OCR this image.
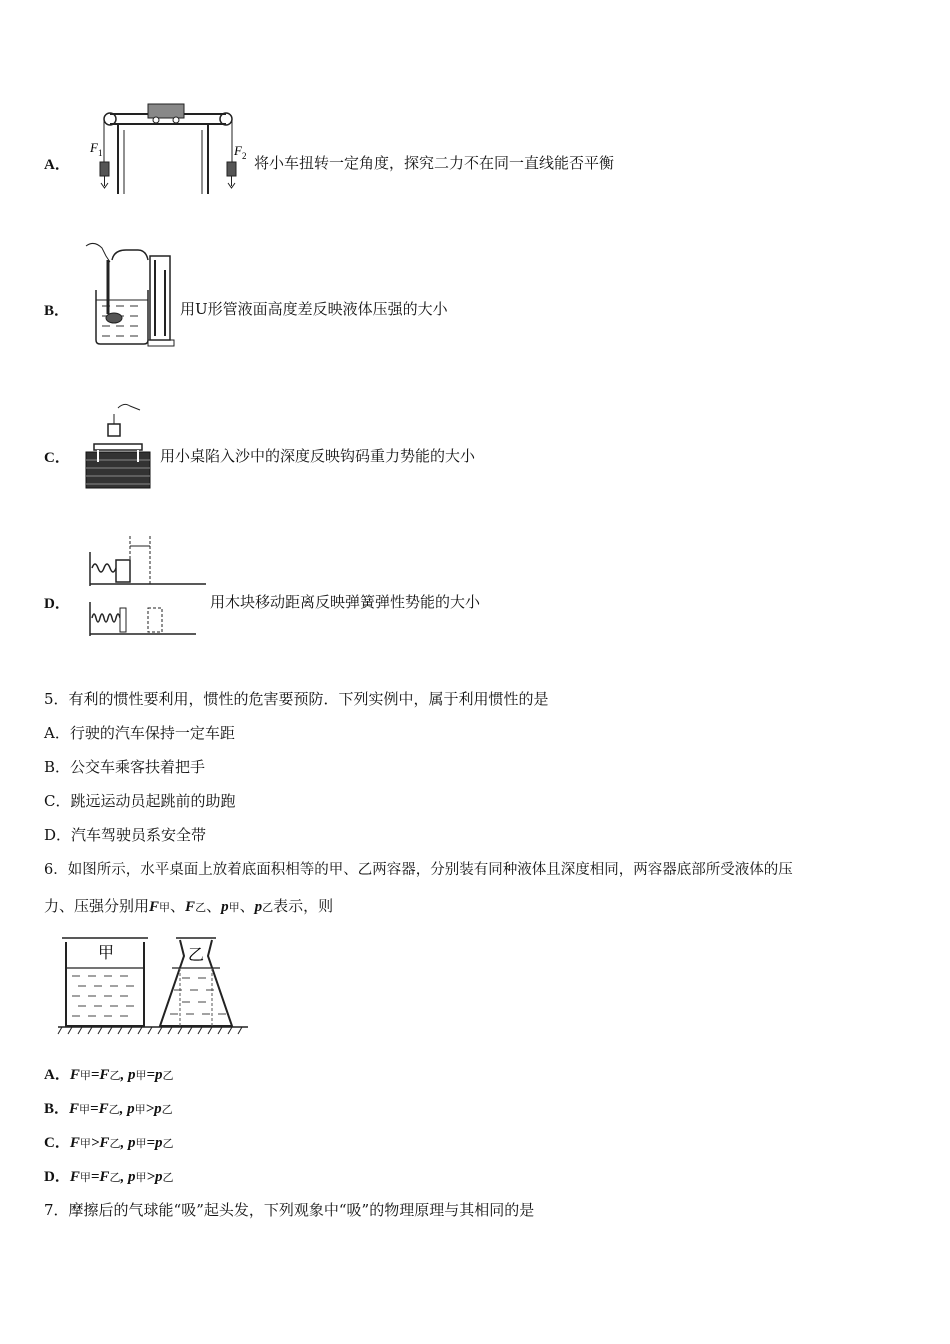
A．
F 1	F 2 将小车扭转一定角度，探究二力不在同一直线能否平衡
B．	用U形管液面高度差反映液体压强的大小
C．	用小桌陷入沙中的深度反映钩码重力势能的大小
D．	用木块移动距离反映弹簧弹性势能的大小
5．有利的惯性要利用，惯性的危害要预防．下列实例中，属于利用惯性的是
A．行驶的汽车保持一定车距
B．公交车乘客扶着把手
C．跳远运动员起跳前的助跑
D．汽车驾驶员系安全带
6．如图所示，水平桌面上放着底面积相等的甲、乙两容器，分别装有同种液体且深度相同，两容器底部所受液体的压
力、压强分别用F甲、F乙、p甲、p乙表示，则
甲	乙
A．F甲=F乙, p甲=p乙
B．F甲=F乙, p甲>p乙
C．F甲>F乙, p甲=p乙
D．F甲=F乙, p甲>p乙
7．摩擦后的气球能“吸”起头发，下列观象中“吸”的物理原理与其相同的是
